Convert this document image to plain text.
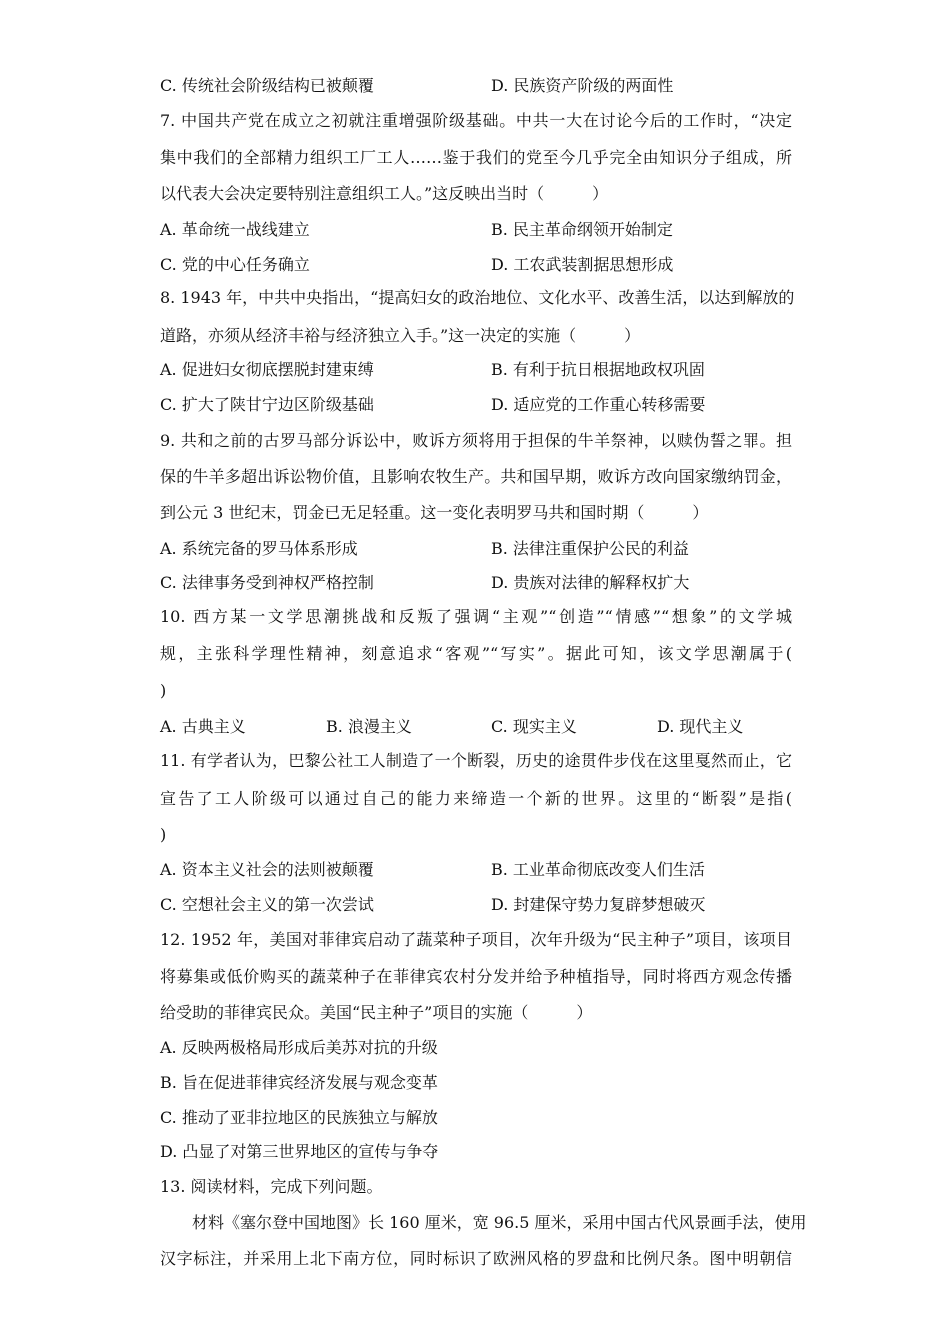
C. 传统社会阶级结构已被颠覆	D. 民族资产阶级的两面性
7. 中国共产党在成立之初就注重增强阶级基础。中共一大在讨论今后的工作时，“决定
集中我们的全部精力组织工厂工人……鉴于我们的党至今几乎完全由知识分子组成，所
以代表大会决定要特别注意组织工人。”这反映出当时（　　　）
A. 革命统一战线建立	B. 民主革命纲领开始制定
C. 党的中心任务确立	D. 工农武装割据思想形成
8. 1943 年，中共中央指出，“提高妇女的政治地位、文化水平、改善生活，以达到解放的
道路，亦须从经济丰裕与经济独立入手。”这一决定的实施（　　　）
A. 促进妇女彻底摆脱封建束缚	B. 有利于抗日根据地政权巩固
C. 扩大了陕甘宁边区阶级基础	D. 适应党的工作重心转移需要
9. 共和之前的古罗马部分诉讼中，败诉方须将用于担保的牛羊祭神，以赎伪誓之罪。担
保的牛羊多超出诉讼物价值，且影响农牧生产。共和国早期，败诉方改向国家缴纳罚金，
到公元 3 世纪末，罚金已无足轻重。这一变化表明罗马共和国时期（　　　）
A. 系统完备的罗马体系形成	B. 法律注重保护公民的利益
C. 法律事务受到神权严格控制	D. 贵族对法律的解释权扩大
10. 西方某一文学思潮挑战和反叛了强调“主观”“创造”“情感”“想象”的文学城
规，主张科学理性精神，刻意追求“客观”“写实”。据此可知，该文学思潮属于(
)
A. 古典主义	B. 浪漫主义	C. 现实主义	D. 现代主义
11. 有学者认为，巴黎公社工人制造了一个断裂，历史的途贯件步伐在这里戛然而止，它
宣告了工人阶级可以通过自己的能力来缔造一个新的世界。这里的“断裂”是指(
)
A. 资本主义社会的法则被颠覆	B. 工业革命彻底改变人们生活
C. 空想社会主义的第一次尝试	D. 封建保守势力复辟梦想破灭
12. 1952 年，美国对菲律宾启动了蔬菜种子项目，次年升级为“民主种子”项目，该项目
将募集或低价购买的蔬菜种子在菲律宾农村分发并给予种植指导，同时将西方观念传播
给受助的菲律宾民众。美国“民主种子”项目的实施（　　　）
A. 反映两极格局形成后美苏对抗的升级
B. 旨在促进菲律宾经济发展与观念变革
C. 推动了亚非拉地区的民族独立与解放
D. 凸显了对第三世界地区的宣传与争夺
13. 阅读材料，完成下列问题。
材料《塞尔登中国地图》长 160 厘米，宽 96.5 厘米，采用中国古代风景画手法，使用
汉字标注，并采用上北下南方位，同时标识了欧洲风格的罗盘和比例尺条。图中明朝信
